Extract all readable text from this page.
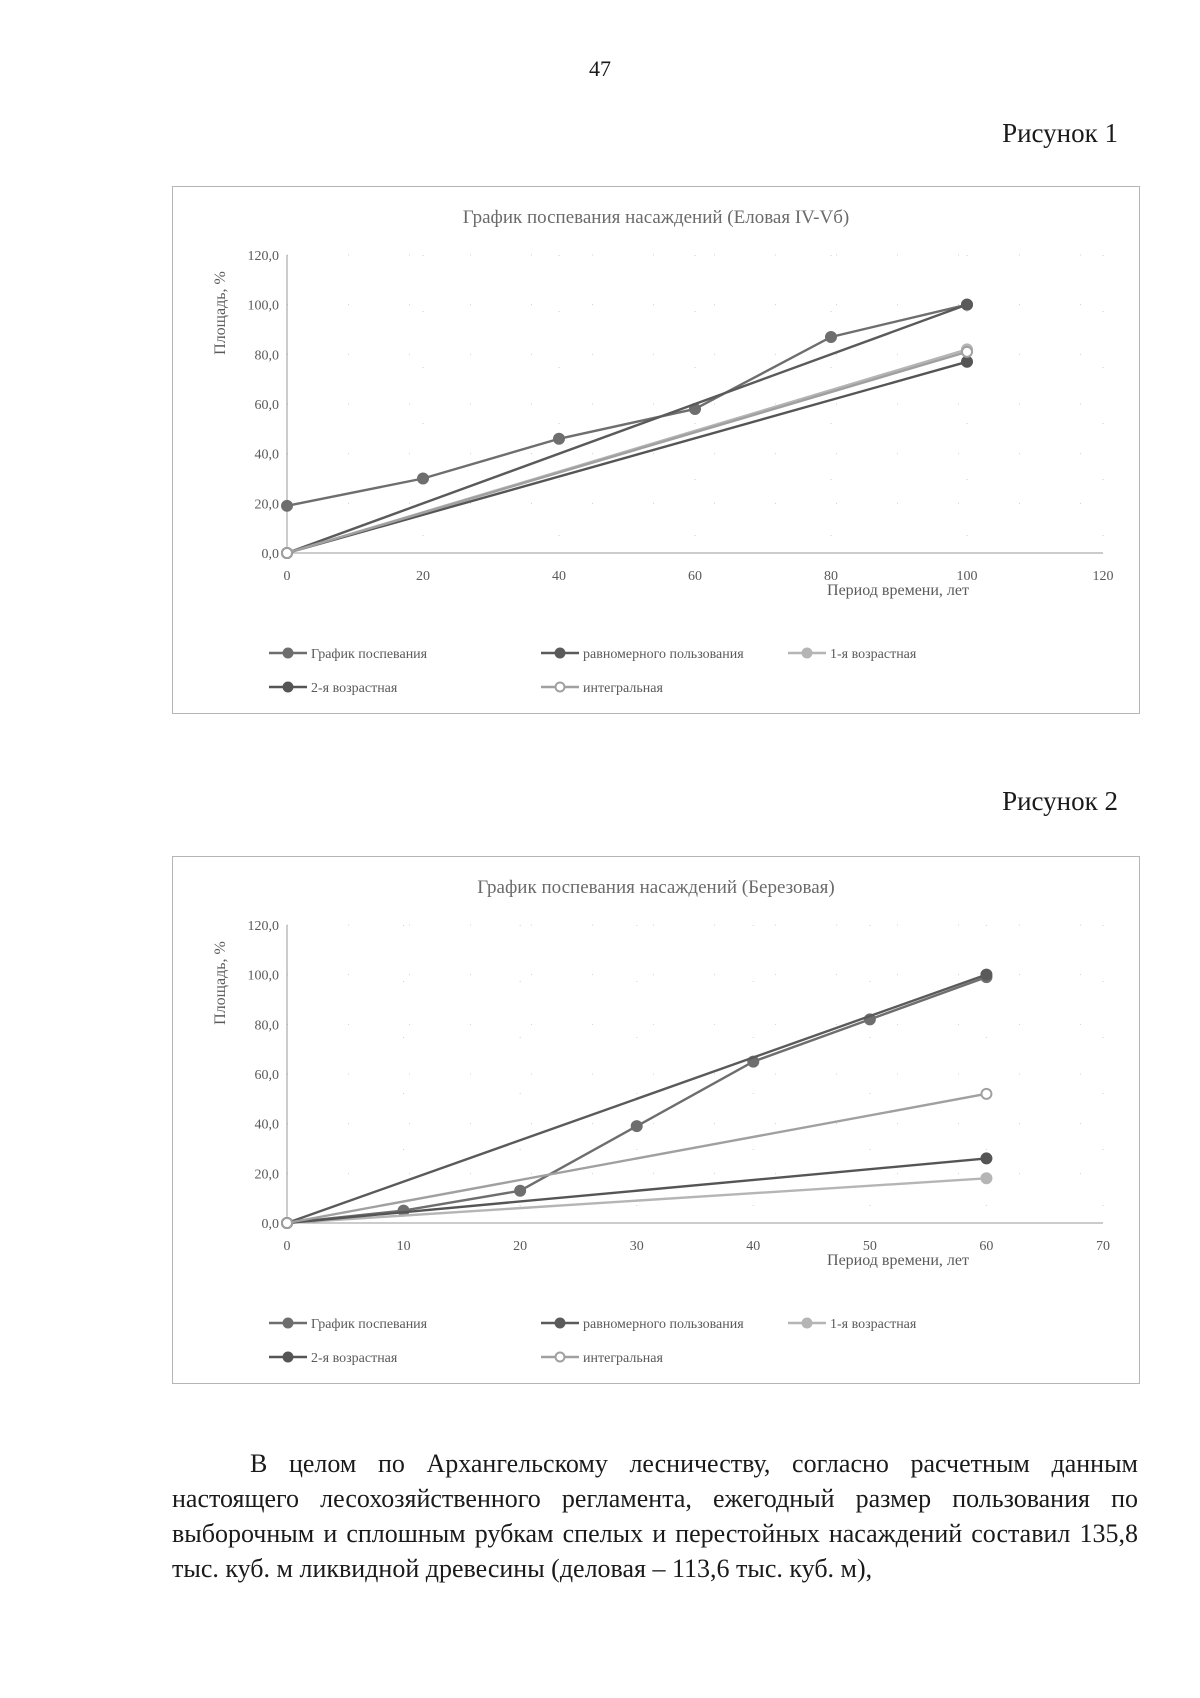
47
Рисунок 1
График поспевания насаждений (Еловая IV-Vб)
0,0
20,0
40,0
60,0
80,0
100,0
120,0
0	20	40	60	80	100	120
Площадь, %
Период времени, лет
График поспевания	равномерного пользования	1-я возрастная
2-я возрастная	интегральная
Рисунок 2
График поспевания насаждений (Березовая)
0,0
20,0
40,0
60,0
80,0
100,0
120,0
0	10	20	30	40	50	60	70
Площадь, %
Период времени, лет
График поспевания	равномерного пользования	1-я возрастная
2-я возрастная	интегральная
В целом по Архангельскому лесничеству, согласно расчетным данным настоящего лесохозяйственного регламента, ежегодный размер пользования по выборочным и сплошным рубкам спелых и перестойных насаждений составил 135,8 тыс. куб. м ликвидной древесины (деловая – 113,6 тыс. куб. м),
